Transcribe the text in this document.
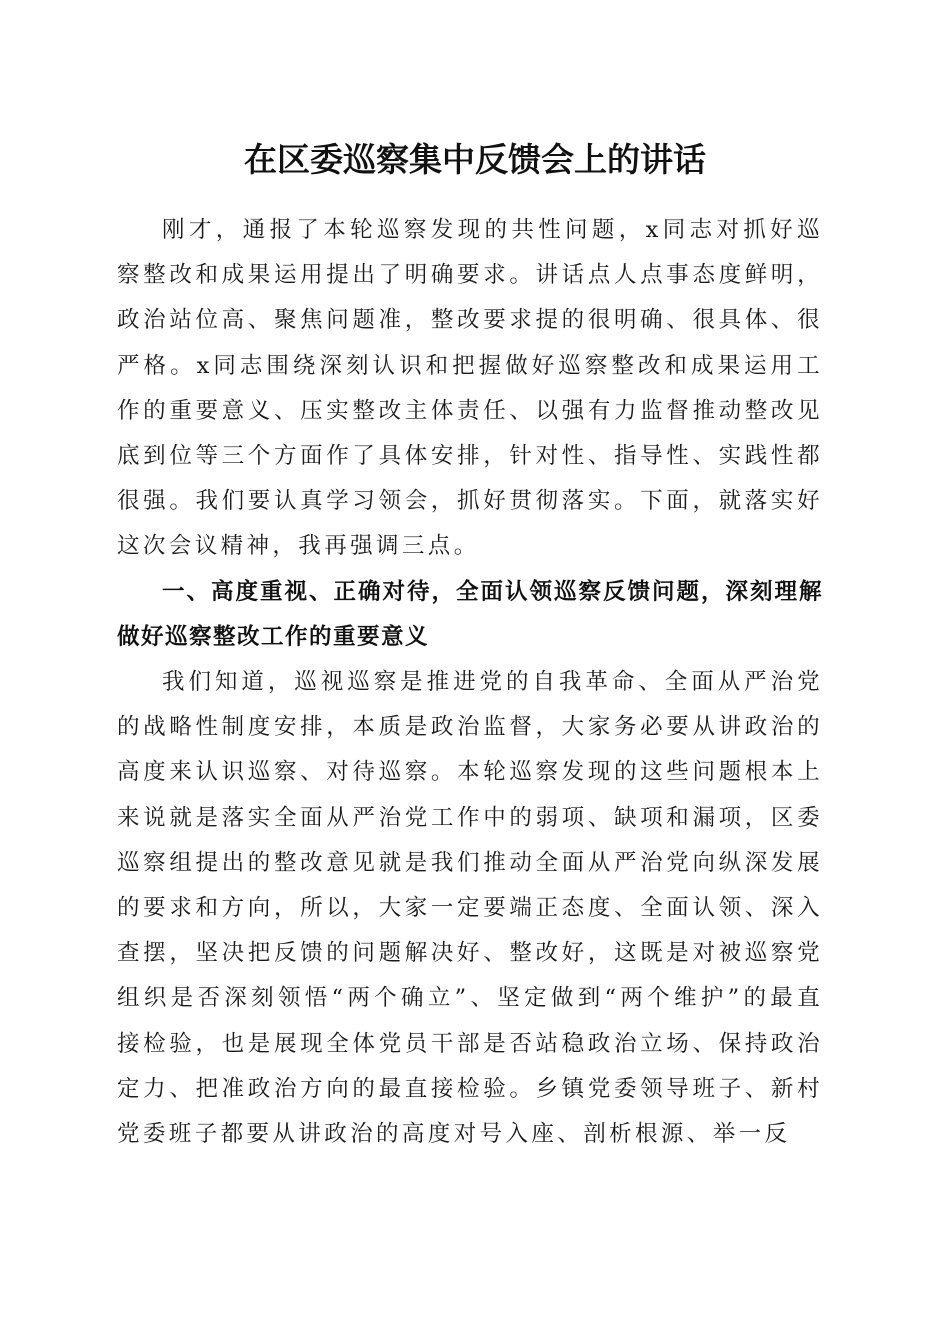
在区委巡察集中反馈会上的讲话

刚才，通报了本轮巡察发现的共性问题，x同志对抓好巡察整改和成果运用提出了明确要求。讲话点人点事态度鲜明，政治站位高、聚焦问题准，整改要求提的很明确、很具体、很严格。x同志围绕深刻认识和把握做好巡察整改和成果运用工作的重要意义、压实整改主体责任、以强有力监督推动整改见底到位等三个方面作了具体安排，针对性、指导性、实践性都很强。我们要认真学习领会，抓好贯彻落实。下面，就落实好这次会议精神，我再强调三点。

一、高度重视、正确对待，全面认领巡察反馈问题，深刻理解做好巡察整改工作的重要意义

我们知道，巡视巡察是推进党的自我革命、全面从严治党的战略性制度安排，本质是政治监督，大家务必要从讲政治的高度来认识巡察、对待巡察。本轮巡察发现的这些问题根本上来说就是落实全面从严治党工作中的弱项、缺项和漏项，区委巡察组提出的整改意见就是我们推动全面从严治党向纵深发展的要求和方向，所以，大家一定要端正态度、全面认领、深入查摆，坚决把反馈的问题解决好、整改好，这既是对被巡察党组织是否深刻领悟“两个确立”、坚定做到“两个维护”的最直接检验，也是展现全体党员干部是否站稳政治立场、保持政治定力、把准政治方向的最直接检验。乡镇党委领导班子、新村党委班子都要从讲政治的高度对号入座、剖析根源、举一反
